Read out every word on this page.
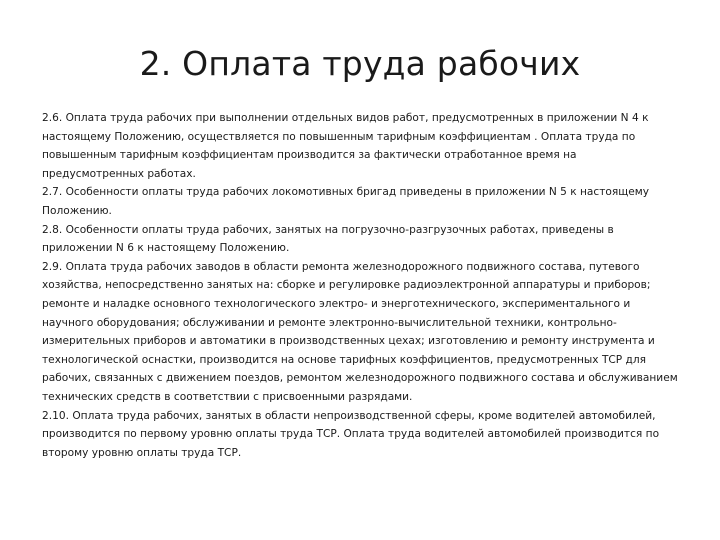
2. Оплата труда рабочих

2.6. Оплата труда рабочих при выполнении отдельных видов работ, предусмотренных в приложении N 4 к настоящему Положению, осуществляется по повышенным тарифным коэффициентам . Оплата труда по повышенным тарифным коэффициентам производится за фактически отработанное время на предусмотренных работах.

2.7. Особенности оплаты труда рабочих локомотивных бригад приведены в приложении N 5 к настоящему Положению.

2.8. Особенности оплаты труда рабочих, занятых на погрузочно-разгрузочных работах, приведены в приложении N 6 к настоящему Положению.

2.9. Оплата труда рабочих заводов в области ремонта железнодорожного подвижного состава, путевого хозяйства, непосредственно занятых на: сборке и регулировке радиоэлектронной аппаратуры и приборов; ремонте и наладке основного технологического электро- и энерготехнического, экспериментального и научного оборудования; обслуживании и ремонте электронно-вычислительной техники, контрольно-измерительных приборов и автоматики в производственных цехах; изготовлению и ремонту инструмента и технологической оснастки, производится на основе тарифных коэффициентов, предусмотренных ТСР для рабочих, связанных с движением поездов, ремонтом железнодорожного подвижного состава и обслуживанием технических средств в соответствии с присвоенными разрядами.

2.10. Оплата труда рабочих, занятых в области непроизводственной сферы, кроме водителей автомобилей, производится по первому уровню оплаты труда ТСР. Оплата труда водителей автомобилей производится по второму уровню оплаты труда ТСР.
